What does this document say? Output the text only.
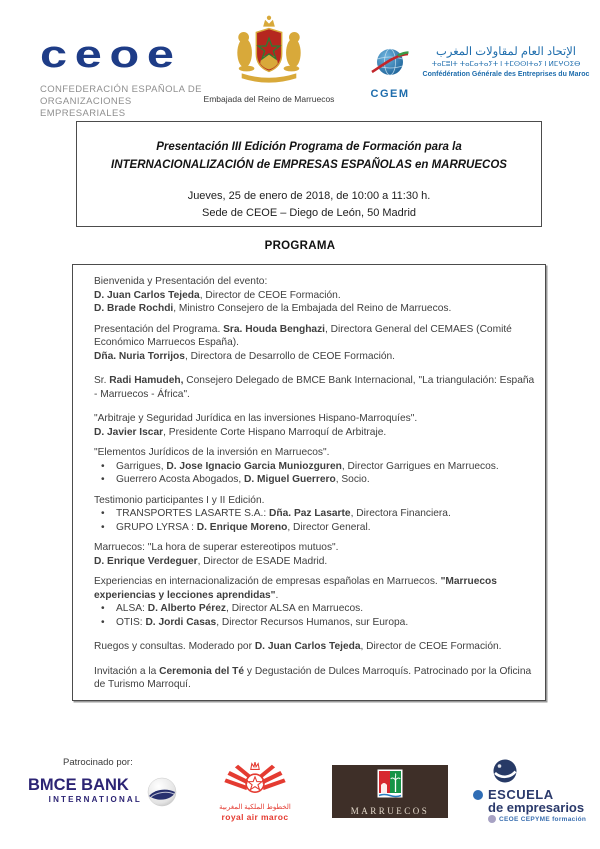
ceoe
CONFEDERACIÓN ESPAÑOLA DE
ORGANIZACIONES EMPRESARIALES
Embajada del Reino de Marruecos	CGEM
الإتحاد العام لمقاولات المغرب
ⵜⴰⵎⵓⵏⵜ ⵜⴰⵎⴰⵜⴰⵢⵜ ⵏ ⵜⵎⵙⵙⵏⵜⴰⵢ ⵏ ⵍⵎⵖⵔⵉⴱ
Confédération Générale des Entreprises du Maroc
Presentación III Edición Programa de Formación para la
INTERNACIONALIZACIÓN de EMPRESAS ESPAÑOLAS en MARRUECOS
Jueves, 25 de enero de 2018, de 10:00 a 11:30 h.
Sede de CEOE – Diego de León, 50 Madrid
PROGRAMA
Bienvenida y Presentación del evento:
D. Juan Carlos Tejeda, Director de CEOE Formación.
D. Brade Rochdi, Ministro Consejero de la Embajada del Reino de Marruecos.
Presentación del Programa. Sra. Houda Benghazi, Directora General del CEMAES (Comité Económico Marruecos España).
Dña. Nuria Torrijos, Directora de Desarrollo de CEOE Formación.
Sr. Radi Hamudeh, Consejero Delegado de BMCE Bank Internacional, "La triangulación: España - Marruecos - África".
"Arbitraje y Seguridad Jurídica en las inversiones Hispano-Marroquíes".
D. Javier Iscar, Presidente Corte Hispano Marroquí de Arbitraje.
"Elementos Jurídicos de la inversión en Marruecos".
• Garrigues, D. Jose Ignacio Garcia Muniozguren, Director Garrigues en Marruecos.
• Guerrero Acosta Abogados, D. Miguel Guerrero, Socio.
Testimonio participantes I y II Edición.
• TRANSPORTES LASARTE S.A.: Dña. Paz Lasarte, Directora Financiera.
• GRUPO LYRSA : D. Enrique Moreno, Director General.
Marruecos: "La hora de superar estereotipos mutuos".
D. Enrique Verdeguer, Director de ESADE Madrid.
Experiencias en internacionalización de empresas españolas en Marruecos. "Marruecos experiencias y lecciones aprendidas".
• ALSA: D. Alberto Pérez, Director ALSA en Marruecos.
• OTIS: D. Jordi Casas, Director Recursos Humanos, sur Europa.
Ruegos y consultas. Moderado por D. Juan Carlos Tejeda, Director de CEOE Formación.
Invitación a la Ceremonia del Té y Degustación de Dulces Marroquís. Patrocinado por la Oficina de Turismo Marroquí.
Patrocinado por:
BMCE BANK
INTERNATIONAL
الخطوط الملكية المغربية
royal air maroc
MARRUECOS
ESCUELA
de empresarios
CEOE CEPYME formación
